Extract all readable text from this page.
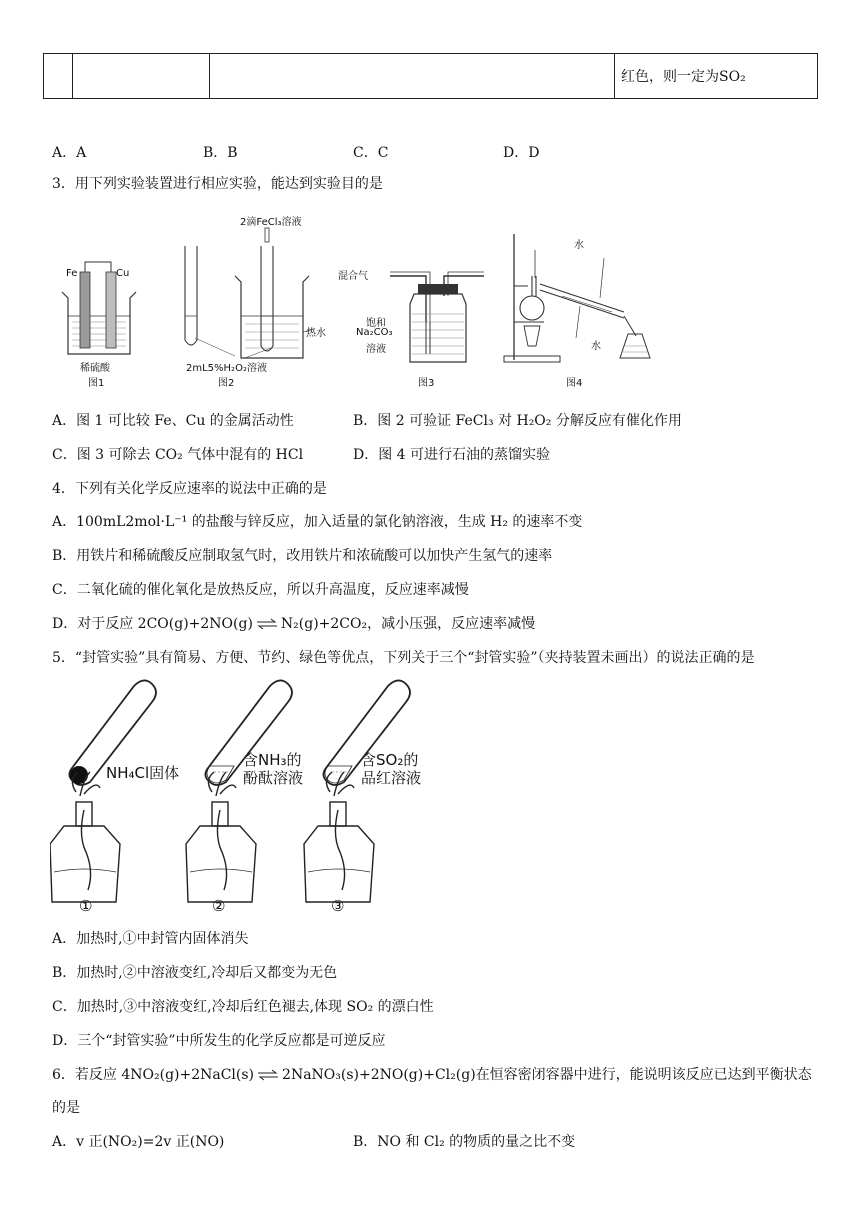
			红色，则一定为SO₂
A．A	B．B	C．C	D．D
3．用下列实验装置进行相应实验，能达到实验目的是
Fe	Cu
稀硫酸
图1
2滴FeCl₃溶液
热水
2mL5%H₂O₂溶液
图2
混合气
饱和
Na₂CO₃
溶液
图3
水
水
图4
A．图 1 可比较 Fe、Cu 的金属活动性	B．图 2 可验证 FeCl₃ 对 H₂O₂ 分解反应有催化作用
C．图 3 可除去 CO₂ 气体中混有的 HCl	D．图 4 可进行石油的蒸馏实验
4．下列有关化学反应速率的说法中正确的是
A．100mL2mol·L⁻¹ 的盐酸与锌反应，加入适量的氯化钠溶液，生成 H₂ 的速率不变
B．用铁片和稀硫酸反应制取氢气时，改用铁片和浓硫酸可以加快产生氢气的速率
C．二氧化硫的催化氧化是放热反应，所以升高温度，反应速率减慢
D．对于反应 2CO(g)+2NO(g) ⇌ N₂(g)+2CO₂，减小压强，反应速率减慢
5．“封管实验”具有简易、方便、节约、绿色等优点，下列关于三个“封管实验”（夹持装置未画出）的说法正确的是
NH₄Cl固体
含NH₃的
酚酞溶液
含SO₂的
品红溶液
①	②	③
A．加热时,①中封管内固体消失
B．加热时,②中溶液变红,冷却后又都变为无色
C．加热时,③中溶液变红,冷却后红色褪去,体现 SO₂ 的漂白性
D．三个“封管实验”中所发生的化学反应都是可逆反应
6．若反应 4NO₂(g)+2NaCl(s) ⇌ 2NaNO₃(s)+2NO(g)+Cl₂(g)在恒容密闭容器中进行，能说明该反应已达到平衡状态
的是
A．v 正(NO₂)=2v 正(NO)	B．NO 和 Cl₂ 的物质的量之比不变
